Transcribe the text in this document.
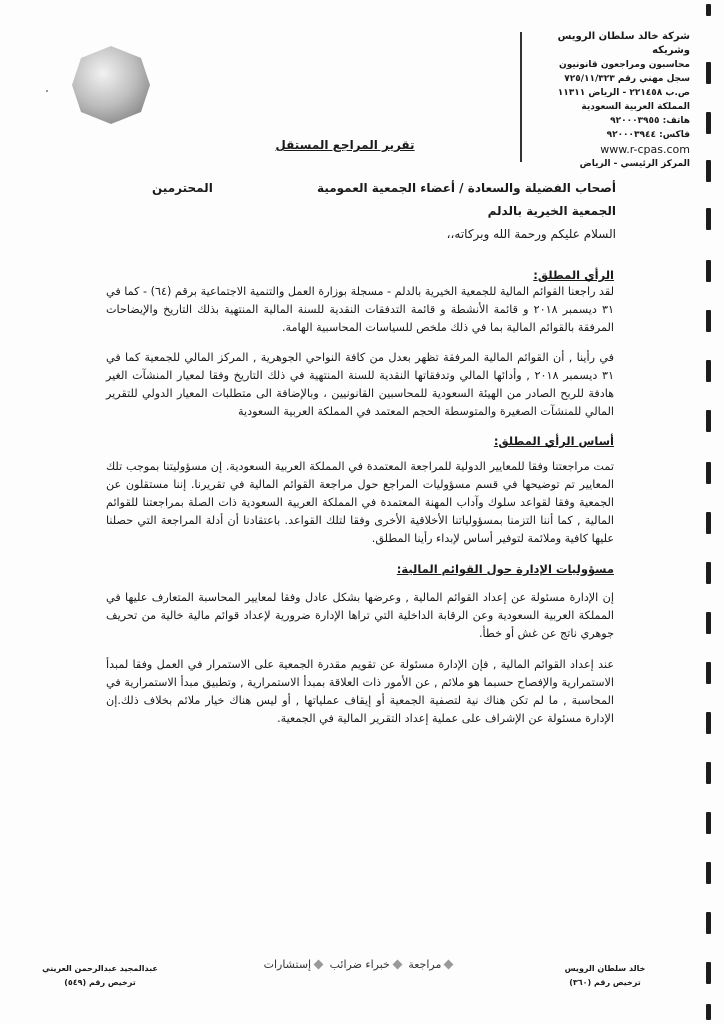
شركة خالد سلطان الرويس وشريكه
محاسبون ومراجعون قانونيون
سجل مهني رقم ٧٢٥/١١/٣٢٣
ص.ب ٢٢١٤٥٨ - الرياض ١١٣١١
المملكة العربية السعودية
هاتف: ٩٢٠٠٠٣٩٥٥
فاكس: ٩٢٠٠٠٣٩٤٤
www.r-cpas.com
المركز الرئيسي - الرياض
تقرير المراجع المستقل
أصحاب الفضيلة والسعادة / أعضاء الجمعية العمومية
المحترمين
الجمعية الخيرية بالدلم
السلام عليكم ورحمة الله وبركاته،،
الرأي المطلق:
لقد راجعنا القوائم المالية للجمعية الخيرية بالدلم - مسجلة بوزارة العمل والتنمية الاجتماعية برقم (٦٤) - كما في ٣١ ديسمبر ٢٠١٨ و قائمة الأنشطة و قائمة التدفقات النقدية للسنة المالية المنتهية بذلك التاريخ والإيضاحات المرفقة بالقوائم المالية بما في ذلك ملخص للسياسات المحاسبية الهامة.
في رأينا , أن القوائم المالية المرفقة تظهر بعدل من كافة النواحي الجوهرية , المركز المالي للجمعية كما في ٣١ ديسمبر ٢٠١٨ , وأدائها المالي وتدفقاتها النقدية للسنة المنتهية في ذلك التاريخ وفقا لمعيار المنشآت الغير هادفة للربح الصادر من الهيئة السعودية للمحاسبين القانونيين ، وبالإضافة الى متطلبات المعيار الدولي للتقرير المالي للمنشآت الصغيرة والمتوسطة الحجم المعتمد في المملكة العربية السعودية
أساس الرأي المطلق:
تمت مراجعتنا وفقا للمعايير الدولية للمراجعة المعتمدة في المملكة العربية السعودية. إن مسؤوليتنا بموجب تلك المعايير تم توضيحها في قسم مسؤوليات المراجع حول مراجعة القوائم المالية في تقريرنا. إننا مستقلون عن الجمعية وفقا لقواعد سلوك وآداب المهنة المعتمدة في المملكة العربية السعودية ذات الصلة بمراجعتنا للقوائم المالية , كما أننا التزمنا بمسؤولياتنا الأخلاقية الأخرى وفقا لتلك القواعد. باعتقادنا أن أدلة المراجعة التي حصلنا عليها كافية وملائمة لتوفير أساس لإبداء رأينا المطلق.
مسؤوليات الإدارة حول القوائم المالية:
إن الإدارة مسئولة عن إعداد القوائم المالية , وعرضها بشكل عادل وفقا لمعايير المحاسبة المتعارف عليها في المملكة العربية السعودية وعن الرقابة الداخلية التي تراها الإدارة ضرورية لإعداد قوائم مالية خالية من تحريف جوهري ناتج عن غش أو خطأ.
عند إعداد القوائم المالية , فإن الإدارة مسئولة عن تقويم مقدرة الجمعية على الاستمرار في العمل وفقا لمبدأ الاستمرارية والإفصاح حسبما هو ملائم , عن الأمور ذات العلاقة بمبدأ الاستمرارية , وتطبيق مبدأ الاستمرارية في المحاسبة , ما لم تكن هناك نية لتصفية الجمعية أو إيقاف عملياتها , أو ليس هناك خيار ملائم بخلاف ذلك.إن الإدارة مسئولة عن الإشراف على عملية إعداد التقرير المالية في الجمعية.
عبدالمجيد عبدالرحمن العريني
ترخيص رقم (٥٤٩)
مراجعة خبراء ضرائب إستشارات	خالد سلطان الرويس
ترخيص رقم (٣٦٠)
